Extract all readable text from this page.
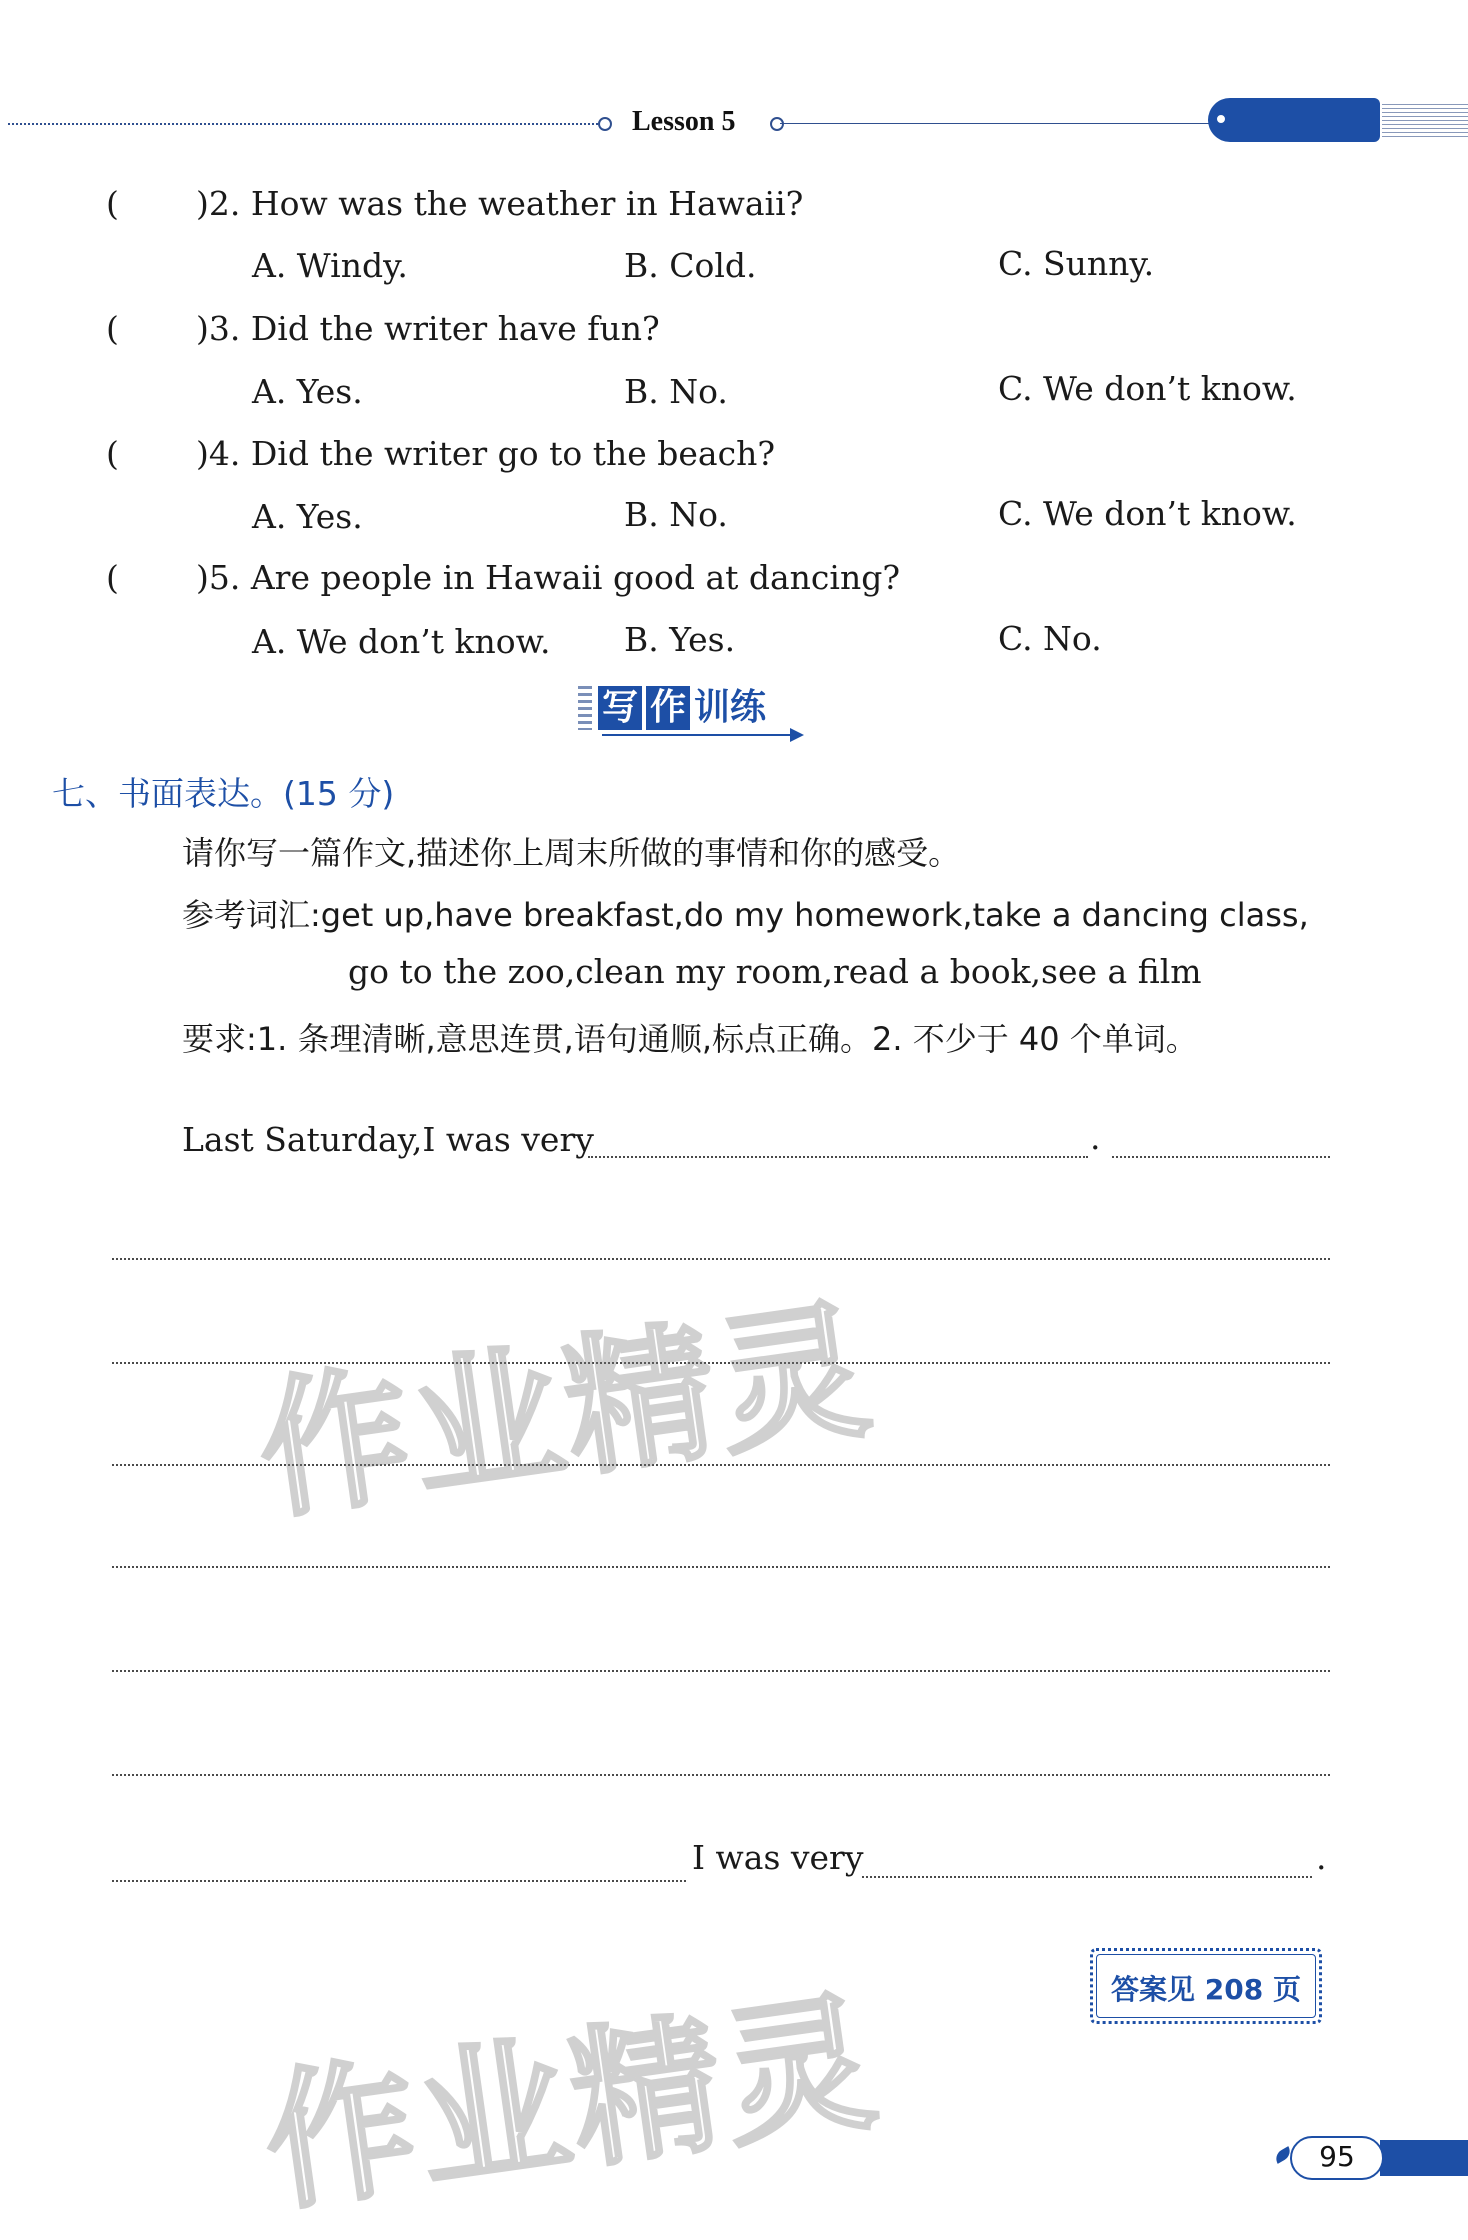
Lesson 5
( )2. How was the weather in Hawaii?
A. Windy.	B. Cold.	C. Sunny.
( )3. Did the writer have fun?
A. Yes.	B. No.	C. We don’t know.
( )4. Did the writer go to the beach?
A. Yes.	B. No.	C. We don’t know.
( )5. Are people in Hawaii good at dancing?
A. We don’t know. B. Yes.	C. No.
写 作 训练
七、书面表达。(15 分)
请你写一篇作文,描述你上周末所做的事情和你的感受。
参考词汇:get up,have breakfast,do my homework,take a dancing class,
go to the zoo,clean my room,read a book,see a film
要求:1. 条理清晰,意思连贯,语句通顺,标点正确。2. 不少于 40 个单词。
Last Saturday,I was very	.
I was very	.
作业精灵
作业精灵	答案见 208 页
95
